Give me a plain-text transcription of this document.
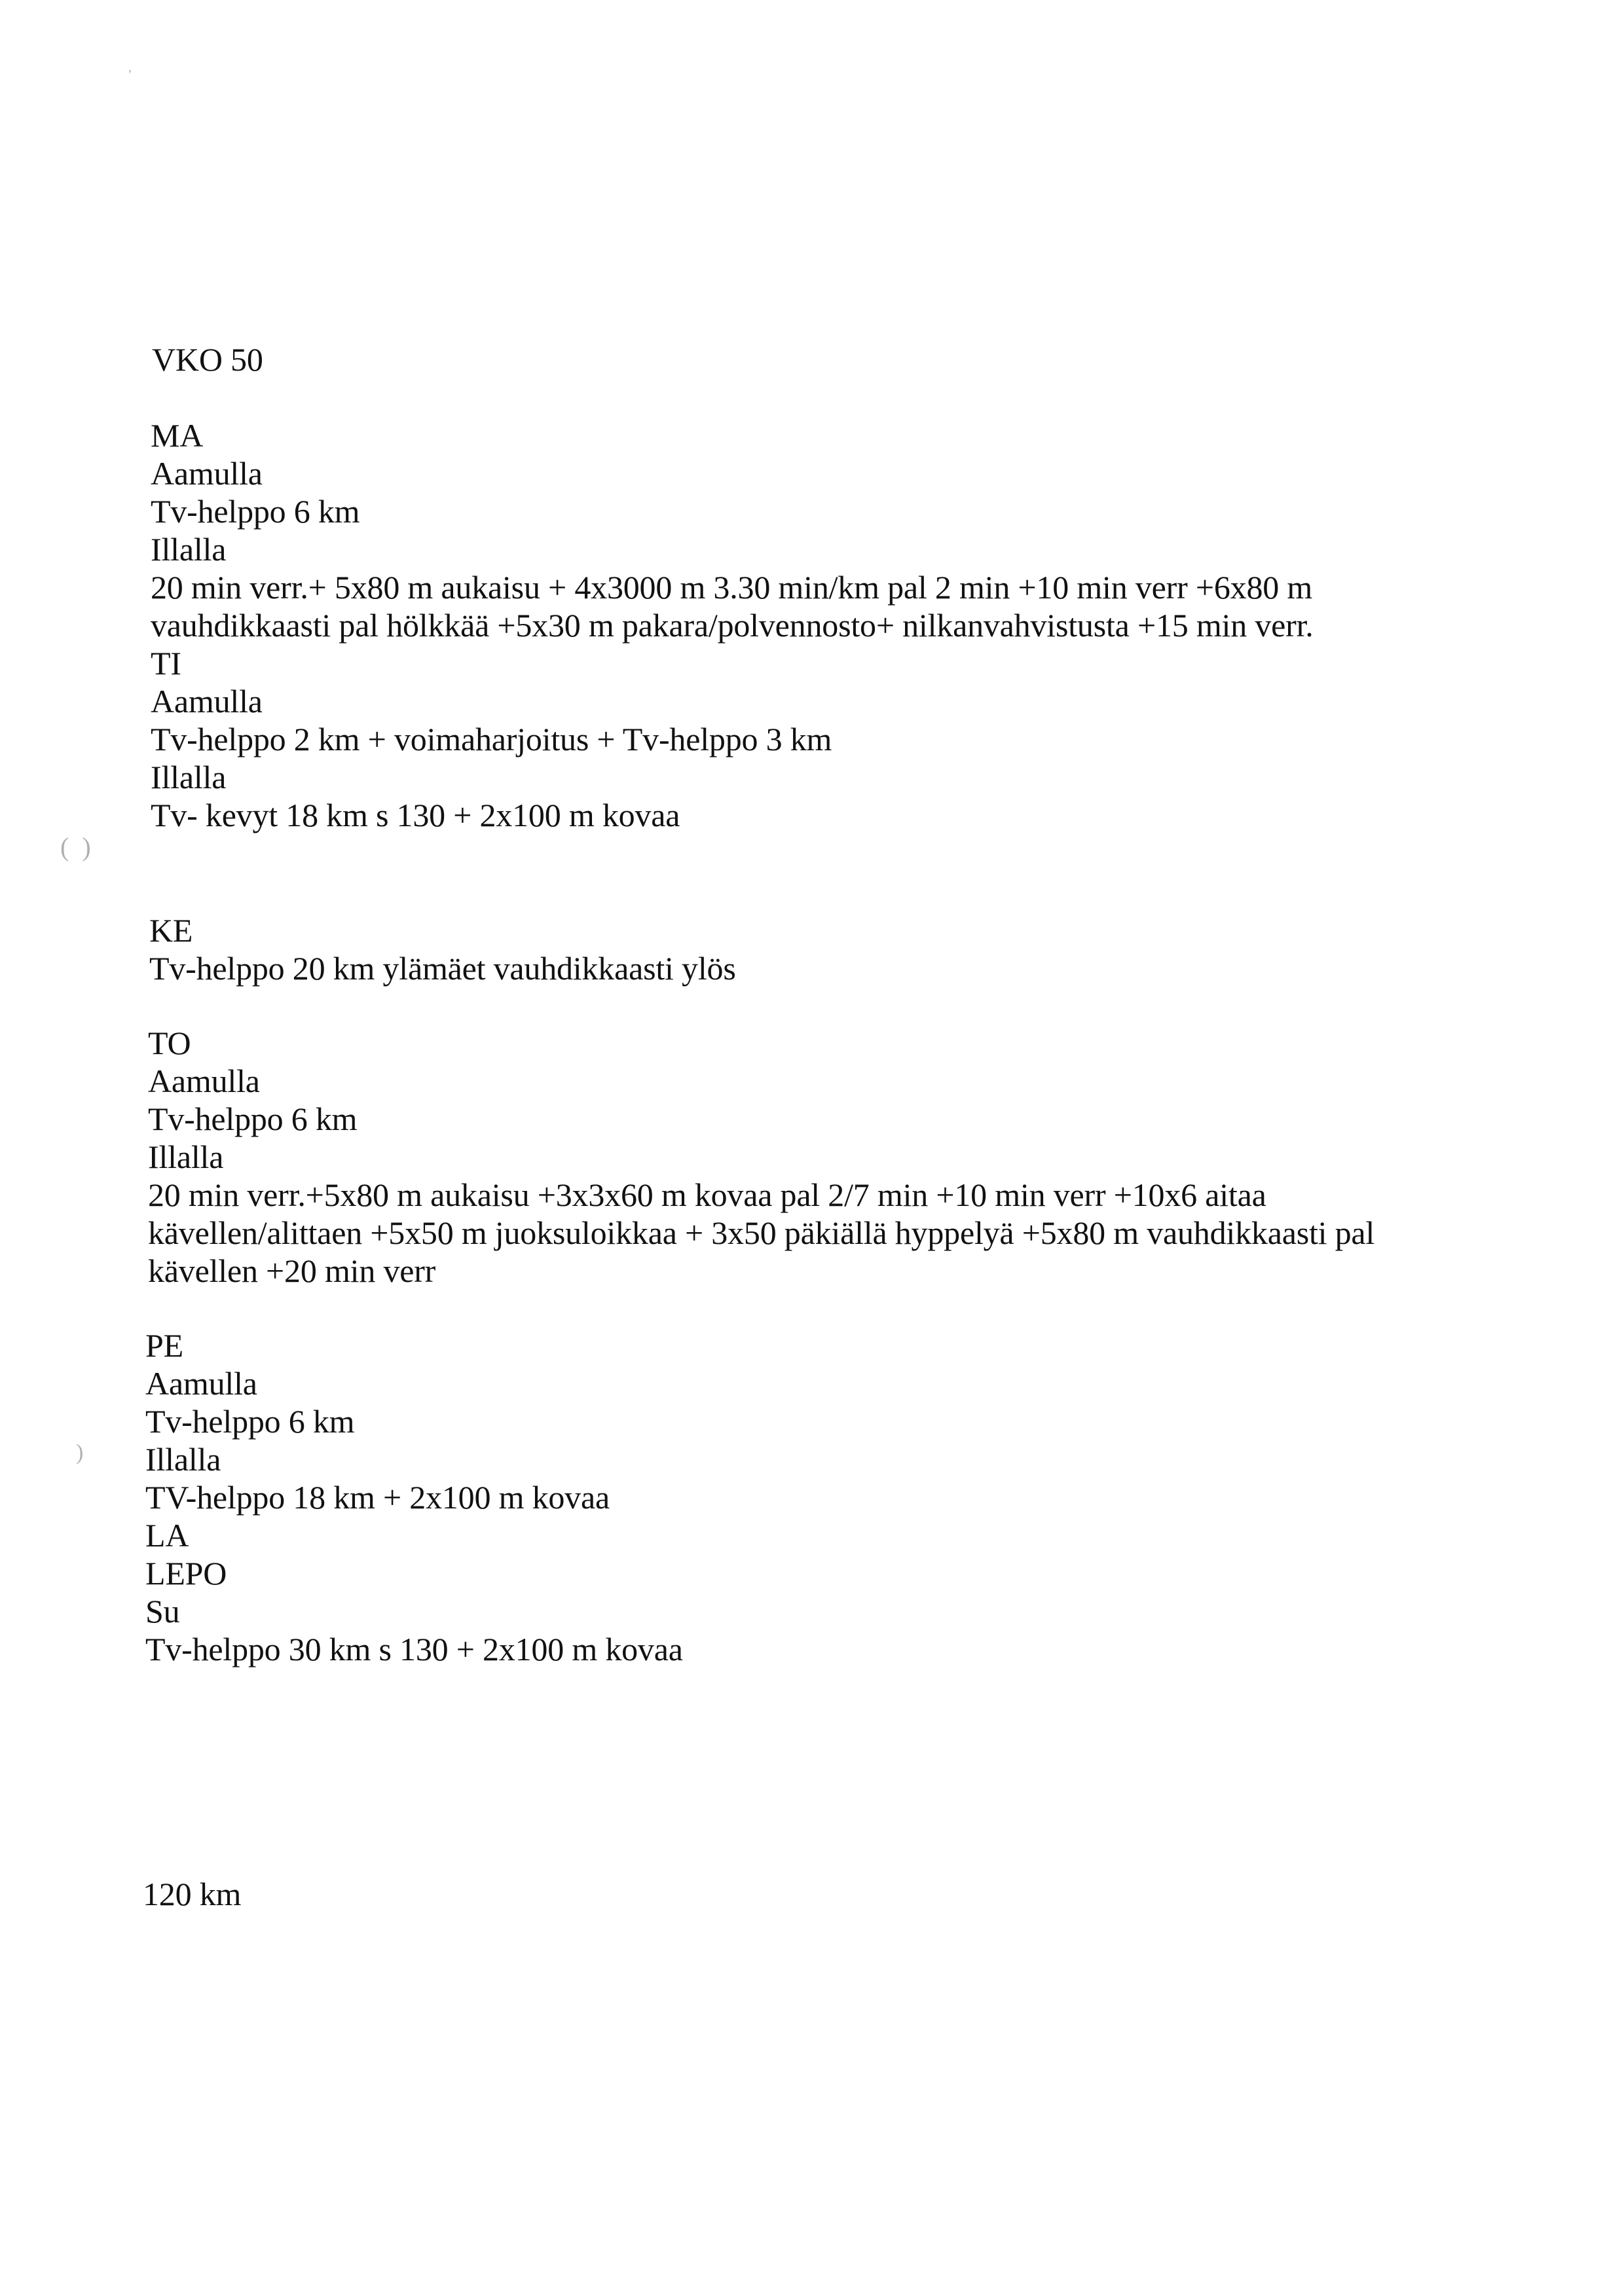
,
(  )
)
VKO 50
MA
Aamulla
Tv-helppo 6 km
Illalla
20 min verr.+ 5x80 m aukaisu + 4x3000 m 3.30 min/km pal 2 min +10 min verr +6x80 m
vauhdikkaasti pal hölkkää +5x30 m pakara/polvennosto+ nilkanvahvistusta +15 min verr.
TI
Aamulla
Tv-helppo 2 km + voimaharjoitus + Tv-helppo 3 km
Illalla
Tv- kevyt 18 km s 130 + 2x100 m kovaa
KE
Tv-helppo 20 km ylämäet vauhdikkaasti ylös
TO
Aamulla
Tv-helppo 6 km
Illalla
20 min verr.+5x80 m aukaisu +3x3x60 m kovaa pal 2/7 min +10 min verr +10x6 aitaa
kävellen/alittaen +5x50 m juoksuloikkaa + 3x50 päkiällä hyppelyä +5x80 m vauhdikkaasti pal
kävellen +20 min verr
PE
Aamulla
Tv-helppo 6 km
Illalla
TV-helppo 18 km + 2x100 m kovaa
LA
LEPO
Su
Tv-helppo 30 km s 130 + 2x100 m kovaa
120 km
